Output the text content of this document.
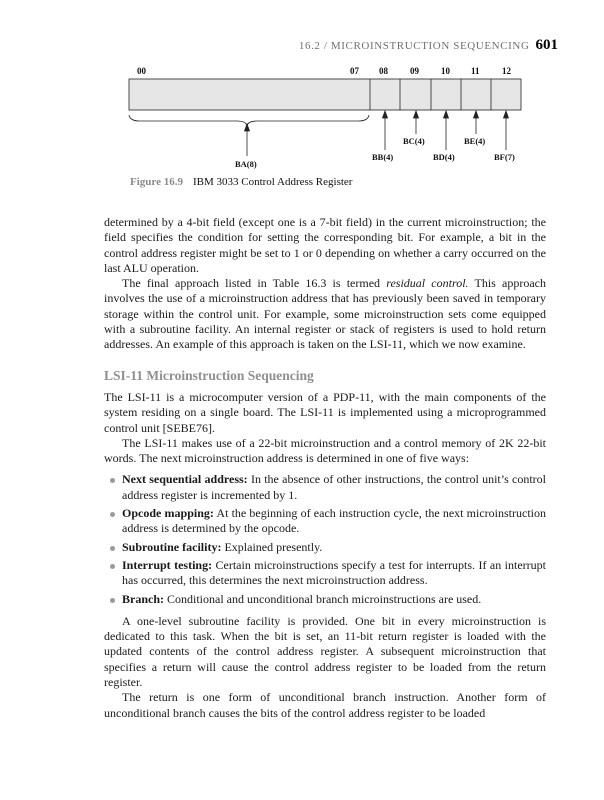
16.2 / MICROINSTRUCTION SEQUENCING 601
00	07 08 09 10 11 12
BA(8)
BB(4)
BC(4)
BD(4)
BE(4)
BF(7)
Figure 16.9 IBM 3033 Control Address Register

determined by a 4-bit field (except one is a 7-bit field) in the current microinstruction; the field specifies the condition for setting the corresponding bit. For example, a bit in the control address register might be set to 1 or 0 depending on whether a carry occurred on the last ALU operation.

The final approach listed in Table 16.3 is termed residual control. This approach involves the use of a microinstruction address that has previously been saved in temporary storage within the control unit. For example, some microinstruction sets come equipped with a subroutine facility. An internal register or stack of registers is used to hold return addresses. An example of this approach is taken on the LSI-11, which we now examine.

LSI-11 Microinstruction Sequencing

The LSI-11 is a microcomputer version of a PDP-11, with the main components of the system residing on a single board. The LSI-11 is implemented using a microprogrammed control unit [SEBE76].

The LSI-11 makes use of a 22-bit microinstruction and a control memory of 2K 22-bit words. The next microinstruction address is determined in one of five ways:

Next sequential address: In the absence of other instructions, the control unit’s control address register is incremented by 1.
Opcode mapping: At the beginning of each instruction cycle, the next microinstruction address is determined by the opcode.
Subroutine facility: Explained presently.
Interrupt testing: Certain microinstructions specify a test for interrupts. If an interrupt has occurred, this determines the next microinstruction address.
Branch: Conditional and unconditional branch microinstructions are used.

A one-level subroutine facility is provided. One bit in every microinstruction is dedicated to this task. When the bit is set, an 11-bit return register is loaded with the updated contents of the control address register. A subsequent microinstruction that specifies a return will cause the control address register to be loaded from the return register.

The return is one form of unconditional branch instruction. Another form of unconditional branch causes the bits of the control address register to be loaded
